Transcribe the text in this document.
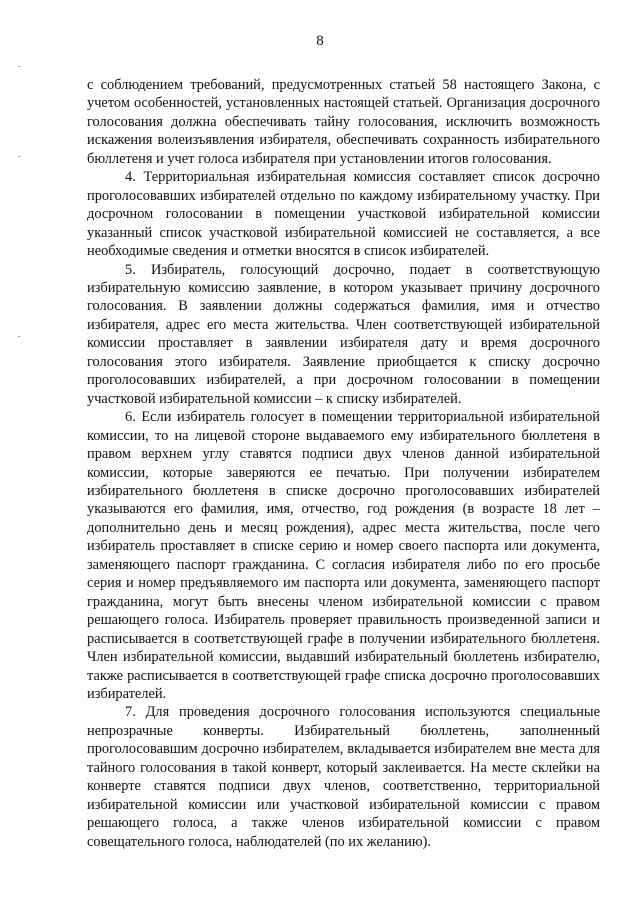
8

с соблюдением требований, предусмотренных статьей 58 настоящего Закона, с учетом особенностей, установленных настоящей статьей. Организация досрочного голосования должна обеспечивать тайну голосования, исключить возможность искажения волеизъявления избирателя, обеспечивать сохранность избирательного бюллетеня и учет голоса избирателя при установлении итогов голосования.

4. Территориальная избирательная комиссия составляет список досрочно проголосовавших избирателей отдельно по каждому избирательному участку. При досрочном голосовании в помещении участковой избирательной комиссии указанный список участковой избирательной комиссией не составляется, а все необходимые сведения и отметки вносятся в список избирателей.

5. Избиратель, голосующий досрочно, подает в соответствующую избирательную комиссию заявление, в котором указывает причину досрочного голосования. В заявлении должны содержаться фамилия, имя и отчество избирателя, адрес его места жительства. Член соответствующей избирательной комиссии проставляет в заявлении избирателя дату и время досрочного голосования этого избирателя. Заявление приобщается к списку досрочно проголосовавших избирателей, а при досрочном голосовании в помещении участковой избирательной комиссии – к списку избирателей.

6. Если избиратель голосует в помещении территориальной избирательной комиссии, то на лицевой стороне выдаваемого ему избирательного бюллетеня в правом верхнем углу ставятся подписи двух членов данной избирательной комиссии, которые заверяются ее печатью. При получении избирателем избирательного бюллетеня в списке досрочно проголосовавших избирателей указываются его фамилия, имя, отчество, год рождения (в возрасте 18 лет – дополнительно день и месяц рождения), адрес места жительства, после чего избиратель проставляет в списке серию и номер своего паспорта или документа, заменяющего паспорт гражданина. С согласия избирателя либо по его просьбе серия и номер предъявляемого им паспорта или документа, заменяющего паспорт гражданина, могут быть внесены членом избирательной комиссии с правом решающего голоса. Избиратель проверяет правильность произведенной записи и расписывается в соответствующей графе в получении избирательного бюллетеня. Член избирательной комиссии, выдавший избирательный бюллетень избирателю, также расписывается в соответствующей графе списка досрочно проголосовавших избирателей.

7. Для проведения досрочного голосования используются специальные непрозрачные конверты. Избирательный бюллетень, заполненный проголосовавшим досрочно избирателем, вкладывается избирателем вне места для тайного голосования в такой конверт, который заклеивается. На месте склейки на конверте ставятся подписи двух членов, соответственно, территориальной избирательной комиссии или участковой избирательной комиссии с правом решающего голоса, а также членов избирательной комиссии с правом совещательного голоса, наблюдателей (по их желанию).
